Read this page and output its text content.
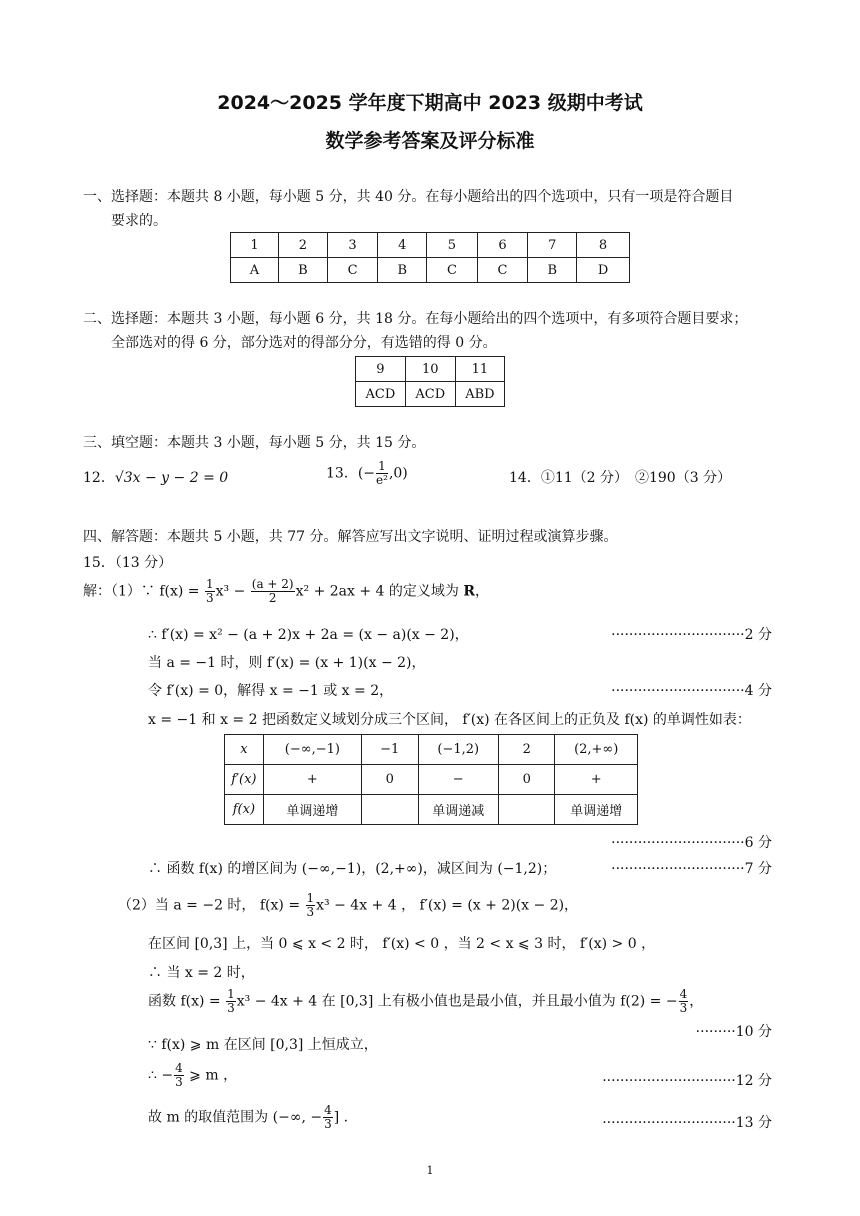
2024～2025 学年度下期高中 2023 级期中考试
数学参考答案及评分标准
一、选择题：本题共 8 小题，每小题 5 分，共 40 分。在每小题给出的四个选项中，只有一项是符合题目
要求的。
1	2	3	4	5	6	7	8
A	B	C	B	C	C	B	D
二、选择题：本题共 3 小题，每小题 6 分，共 18 分。在每小题给出的四个选项中，有多项符合题目要求；
全部选对的得 6 分，部分选对的得部分分，有选错的得 0 分。
9	10	11
ACD	ACD	ABD
三、填空题：本题共 3 小题，每小题 5 分，共 15 分。
12．√3x − y − 2 = 0	13．(− $\frac{1}{\text{e²}} ,0$)	14．①11（2 分）　②190（3 分）
四、解答题：本题共 5 小题，共 77 分。解答应写出文字说明、证明过程或演算步骤。
15．（13 分）
解：（1）∵ $f(x) = \frac{1}{3} x^3 - \frac{(a + 2)}{2} x^2 + 2ax + 4$ 的定义域为 R，
∴ f′(x) = x² − (a + 2)x + 2a = (x − a)(x − 2)，	······························2 分
当 a = −1 时，则 f′(x) = (x + 1)(x − 2)，
令 f′(x) = 0，解得 x = −1 或 x = 2，	······························4 分
x = −1 和 x = 2 把函数定义域划分成三个区间， f′(x) 在各区间上的正负及 f(x) 的单调性如表：
x	(−∞,−1)	−1	(−1,2)	2	(2,+∞)
f′(x)	+	0	−	0	+
f(x)	单调递增		单调递减		单调递增
······························6 分
∴ 函数 f(x) 的增区间为 (−∞,−1)，(2,+∞)，减区间为 (−1,2)；	······························7 分
（2）当 a = −2 时， $f(x) = \frac{1}{3} x^3 - 4x + 4$ ， f′(x) = (x + 2)(x − 2)，
在区间 [0,3] 上，当 0 ⩽ x < 2 时， f′(x) < 0 ，当 2 < x ⩽ 3 时， f′(x) > 0 ，
∴ 当 x = 2 时，
函数 $f(x) = \frac{1}{3} x^3 - 4x + 4$ 在 [0,3] 上有极小值也是最小值，并且最小值为 f(2) = − $\frac{4}{3}$ ，
·········10 分
∵ f(x) ⩾ m 在区间 [0,3] 上恒成立，
∴ − $\frac{4}{3}$ ⩾ m ，	······························12 分
故 m 的取值范围为 (−∞, − $\frac{4}{3}$ ] .	······························13 分
1
